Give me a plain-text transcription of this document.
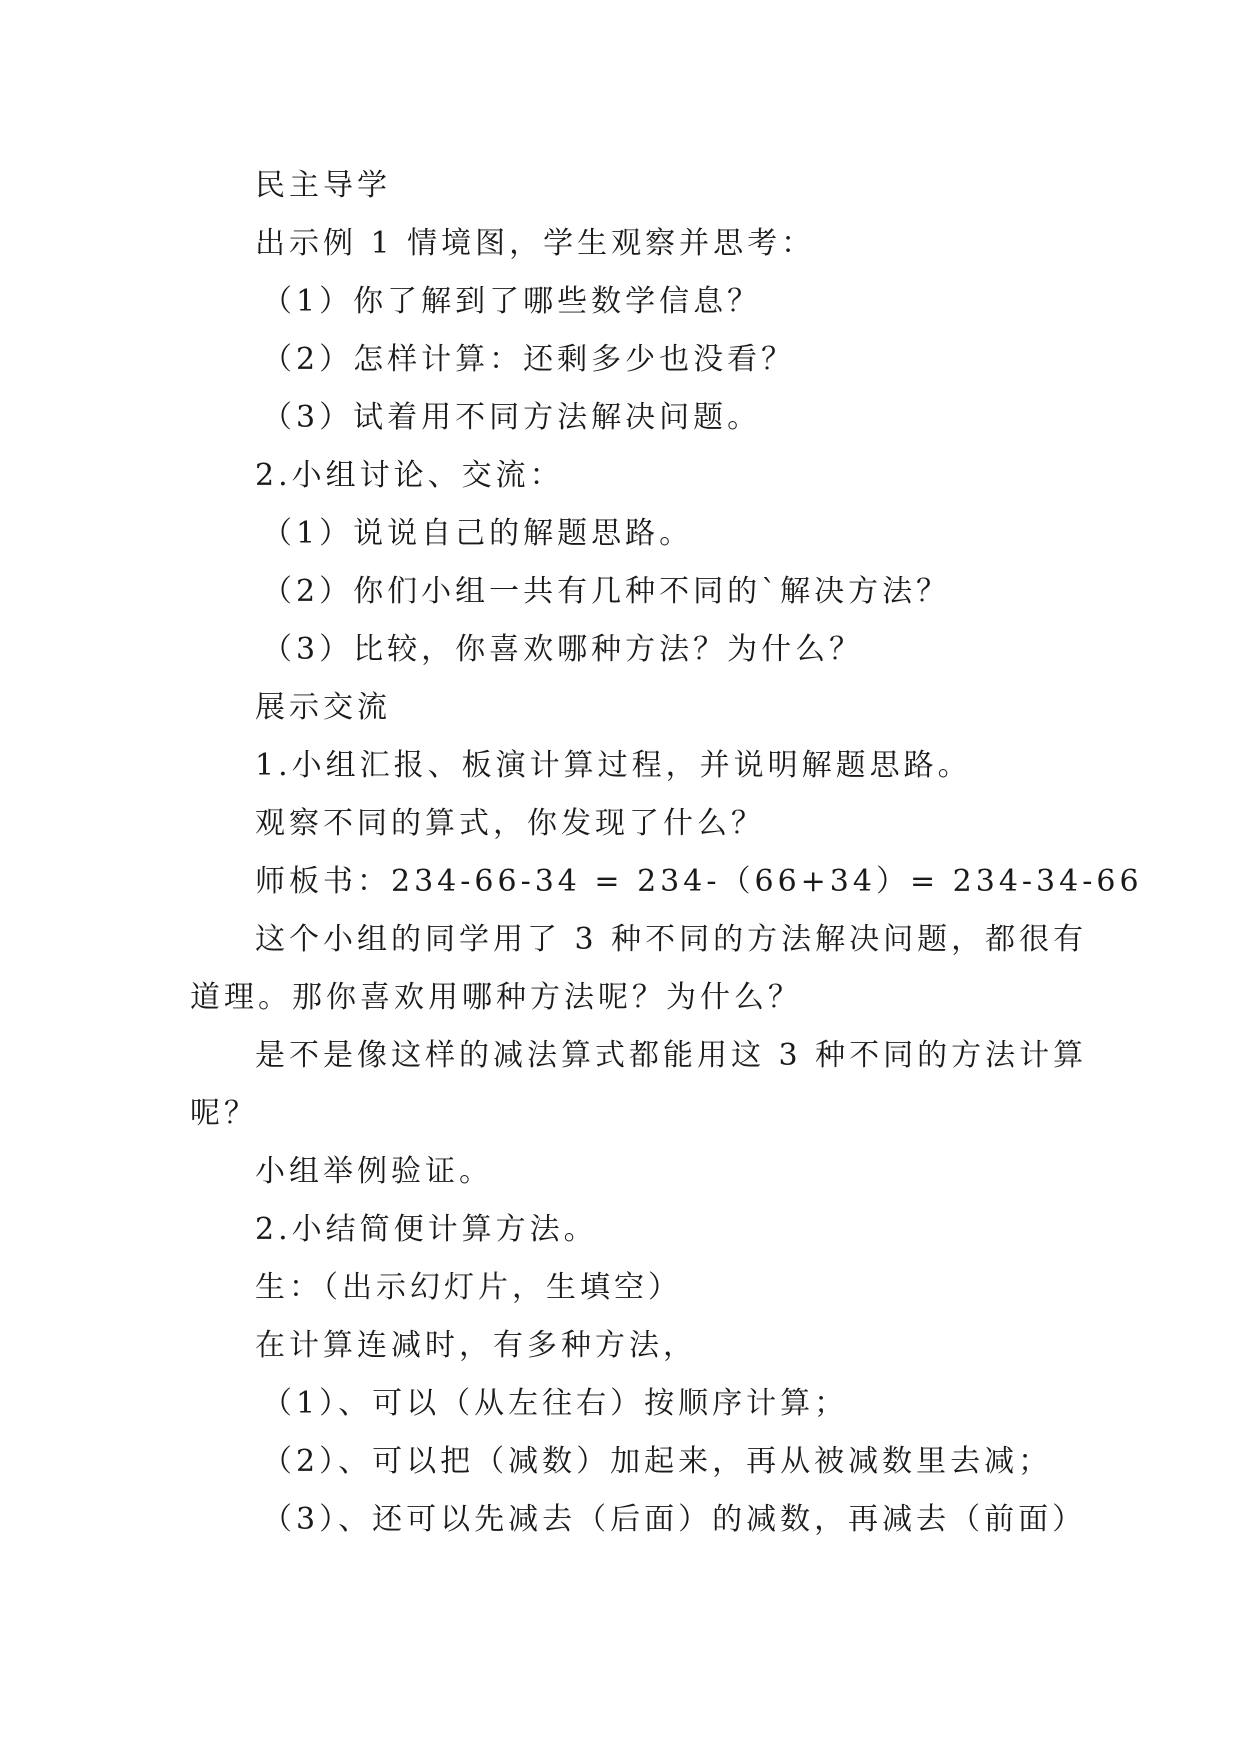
民主导学
出示例 1 情境图，学生观察并思考：
（1）你了解到了哪些数学信息？
（2）怎样计算：还剩多少也没看？
（3）试着用不同方法解决问题。
2.小组讨论、交流：
（1）说说自己的解题思路。
（2）你们小组一共有几种不同的`解决方法？
（3）比较，你喜欢哪种方法？为什么？
展示交流
1.小组汇报、板演计算过程，并说明解题思路。
观察不同的算式，你发现了什么？
师板书：234-66-34 = 234-（66+34）= 234-34-66
这个小组的同学用了 3 种不同的方法解决问题，都很有
道理。那你喜欢用哪种方法呢？为什么？
是不是像这样的减法算式都能用这 3 种不同的方法计算
呢？
小组举例验证。
2.小结简便计算方法。
生：（出示幻灯片，生填空）
在计算连减时，有多种方法，
（1）、可以（从左往右）按顺序计算；
（2）、可以把（减数）加起来，再从被减数里去减；
（3）、还可以先减去（后面）的减数，再减去（前面）
